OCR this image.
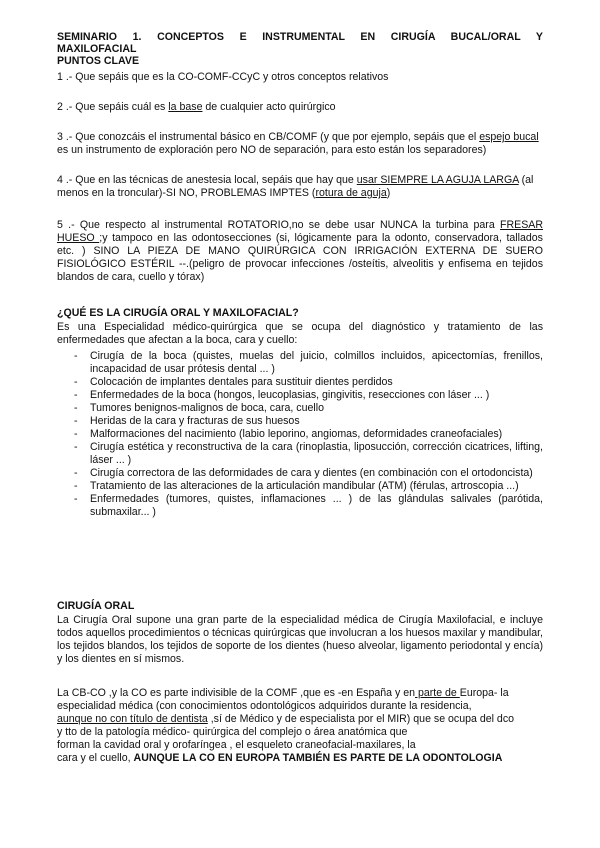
SEMINARIO 1. CONCEPTOS E INSTRUMENTAL EN CIRUGÍA BUCAL/ORAL Y
MAXILOFACIAL
PUNTOS CLAVE
1 .- Que sepáis que es la CO-COMF-CCyC y otros conceptos relativos
2 .- Que sepáis cuál es la base de cualquier acto quirúrgico
3 .- Que conozcáis el instrumental básico en CB/COMF (y que por ejemplo, sepáis que el espejo bucal es un instrumento de exploración pero NO de separación, para esto están los separadores)
4 .- Que en las técnicas de anestesia local, sepáis que hay que usar SIEMPRE LA AGUJA LARGA (al menos en la troncular)-SI NO, PROBLEMAS IMPTES (rotura de aguja)
5 .- Que respecto al instrumental ROTATORIO,no se debe usar NUNCA la turbina para FRESAR HUESO ;y tampoco en las odontosecciones (si, lógicamente para la odonto, conservadora, tallados etc. ) SINO LA PIEZA DE MANO QUIRÚRGICA CON IRRIGACIÓN EXTERNA DE SUERO FISIOLÓGICO ESTÉRIL --.(peligro de provocar infecciones /osteítis, alveolitis y enfisema en tejidos blandos de cara, cuello y tórax)
¿QUÉ ES LA CIRUGÍA ORAL Y MAXILOFACIAL?
Es una Especialidad médico-quirúrgica que se ocupa del diagnóstico y tratamiento de las enfermedades que afectan a la boca, cara y cuello:
- Cirugía de la boca (quistes, muelas del juicio, colmillos incluidos, apicectomías, frenillos, incapacidad de usar prótesis dental ... )
- Colocación de implantes dentales para sustituir dientes perdidos
- Enfermedades de la boca (hongos, leucoplasias, gingivitis, resecciones con láser ... )
- Tumores benignos-malignos de boca, cara, cuello
- Heridas de la cara y fracturas de sus huesos
- Malformaciones del nacimiento (labio leporino, angiomas, deformidades craneofaciales)
- Cirugía estética y reconstructiva de la cara (rinoplastia, liposucción, corrección cicatrices, lifting, láser ... )
- Cirugía correctora de las deformidades de cara y dientes (en combinación con el ortodoncista)
- Tratamiento de las alteraciones de la articulación mandibular (ATM) (férulas, artroscopia ...)
- Enfermedades (tumores, quistes, inflamaciones ... ) de las glándulas salivales (parótida, submaxilar... )
CIRUGÍA ORAL
La Cirugía Oral supone una gran parte de la especialidad médica de Cirugía Maxilofacial, e incluye todos aquellos procedimientos o técnicas quirúrgicas que involucran a los huesos maxilar y mandibular, los tejidos blandos, los tejidos de soporte de los dientes (hueso alveolar, ligamento periodontal y encía) y los dientes en sí mismos.
La CB-CO ,y la CO es parte indivisible de la COMF ,que es -en España y en parte de Europa- la
especialidad médica (con conocimientos odontológicos adquiridos durante la residencia,
aunque no con título de dentista ,sí de Médico y de especialista por el MIR) que se ocupa del dco
y tto de la patología médico- quirúrgica del complejo o área anatómica que
forman la cavidad oral y orofaríngea , el esqueleto craneofacial-maxilares, la
cara y el cuello, AUNQUE LA CO EN EUROPA TAMBIÉN ES PARTE DE LA ODONTOLOGIA
